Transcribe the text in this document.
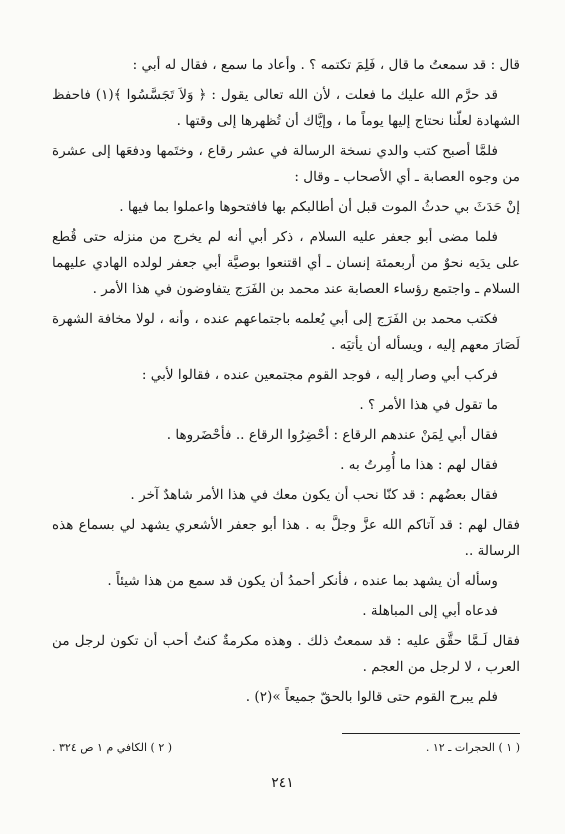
قال : قد سمعتُ ما قال ، فَلِمَ تكتمه ؟ . وأعاد ما سمع ، فقال له أبي :

قد حرَّم الله عليك ما فعلت ، لأن الله تعالى يقول : ﴿ وَلاَ تَجَسَّسُوا ﴾(١) فاحفظ الشهادة لعلّنا نحتاج إليها يوماً ما ، وإيَّاك أن تُظهرها إلى وقتها .

فلمَّا أصبح كتب والدي نسخة الرسالة في عشر رقاع ، وختَمها ودفعَها إلى عشرة من وجوه العصابة ـ أي الأصحاب ـ وقال :

إنْ حَدَثَ بي حدثُ الموت قبل أن أطالبكم بها فافتحوها واعملوا بما فيها .

فلما مضى أبو جعفر عليه السلام ، ذكر أبي أنه لم يخرج من منزله حتى قُطع على يدَيه نحوٌ من أربعمئة إنسان ـ أي اقتنعوا بوصيَّة أبي جعفر لولده الهادي عليهما السلام ـ واجتمع رؤساء العصابة عند محمد بن الفَرَج يتفاوضون في هذا الأمر .

فكتب محمد بن الفَرَج إلى أبي يُعلمه باجتماعهم عنده ، وأنه ، لولا مخافة الشهرة لَصَارَ معهم إليه ، ويسأله أن يأتيَه .

فركب أبي وصار إليه ، فوجد القوم مجتمعين عنده ، فقالوا لأبي :

ما تقول في هذا الأمر ؟ .

فقال أبي لِمَنْ عندهم الرقاع : أحْضِرُوا الرقاع .. فأحْضَروها .

فقال لهم : هذا ما أُمِرتُ به .

فقال بعضُهم : قد كنّا نحب أن يكون معك في هذا الأمر شاهدٌ آخر .

فقال لهم : قد آتاكم الله عزَّ وجلَّ به . هذا أبو جعفر الأشعري يشهد لي بسماع هذه الرسالة ..

وسأله أن يشهد بما عنده ، فأنكر أحمدُ أن يكون قد سمع من هذا شيئاً .

فدعاه أبي إلى المباهلة .

فقال لَـمَّا حقَّق عليه : قد سمعتُ ذلك . وهذه مكرمةٌ كنتُ أحب أن تكون لرجل من العرب ، لا لرجل من العجم .

فلم يبرح القوم حتى قالوا بالحقّ جميعاً »(٢) .

( ١ ) الحجرات ـ ١٢ .
( ٢ ) الكافي م ١ ص ٣٢٤ .
٢٤١
